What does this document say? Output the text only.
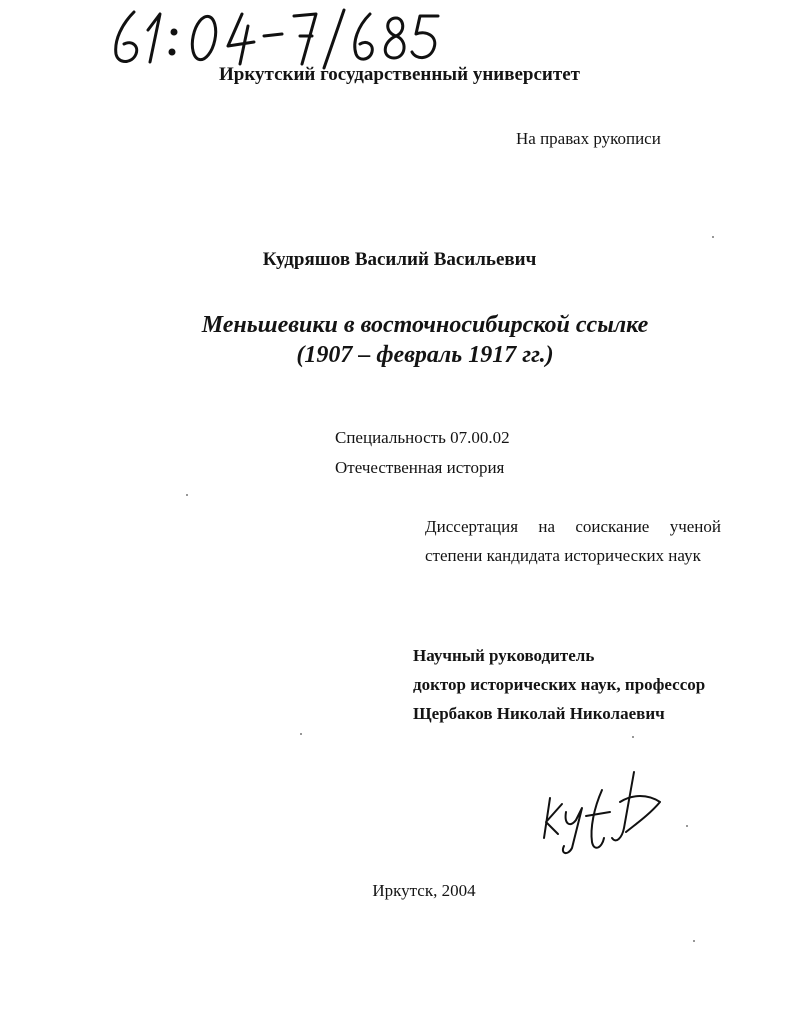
Иркутский государственный университет
На правах рукописи
Кудряшов Василий Васильевич
Меньшевики в восточносибирской ссылке
(1907 – февраль 1917 гг.)
Специальность 07.00.02
Отечественная история
Диссертация на соискание ученой
степени кандидата исторических наук
Научный руководитель
доктор исторических наук, профессор
Щербаков Николай Николаевич
Иркутск, 2004
